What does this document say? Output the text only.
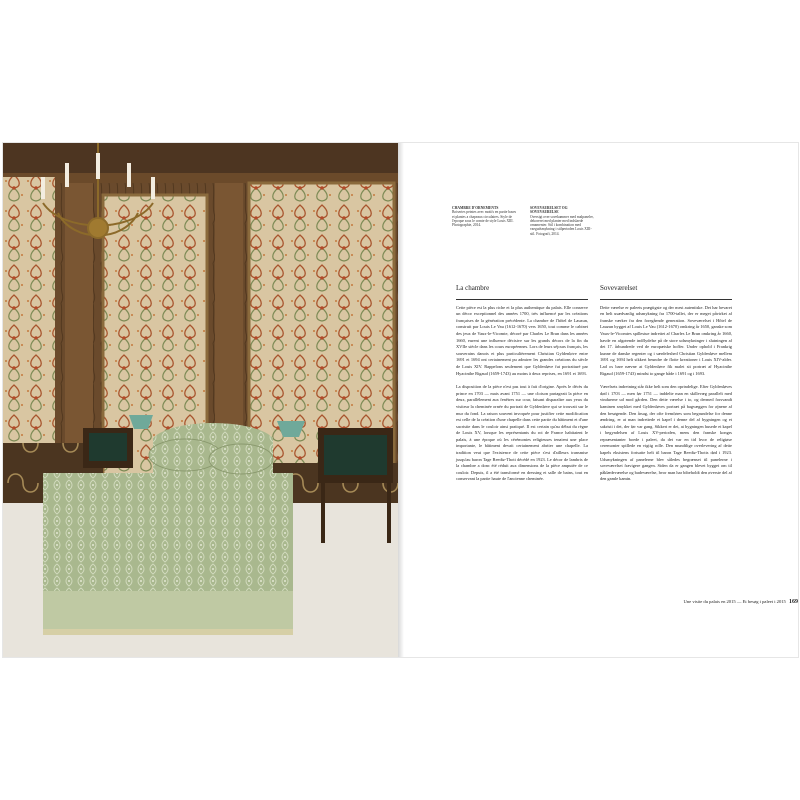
CHAMBRE D'ORNEMENTS
Boiseries peintes avec motifs en partie bases et plantes a chapeaux circulaires. Style de l'epoque sous le comte de style Louis XIII. Photographie, 2014.
SOVEVAERELSET OG SOVEVAERELSE
Oversigt over sovekammer med malpaneler, dekoreret med planter med indslaede ornamenter. Stil i kombination med vaegudsmykning i stilperioden Louis XIII-stil. Fotografi, 2014.
La chambre

Cette pièce est la plus riche et la plus authentique du palais. Elle conserve un décor exceptionnel des années 1700, très influencé par les créations françaises de la génération précédente. La chambre de l'hôtel de Lauzun, construit par Louis Le Vau (1612-1670) vers 1650, tout comme le cabinet des jeux de Vaux-le-Vicomte, décoré par Charles Le Brun dans les années 1660, eurent une influence décisive sur les grands décors de la fin du XVIIe siècle dans les cours européennes. Lors de leurs séjours français, les souverains danois et plus particulièrement Christian Gyldenløve entre 1691 et 1694 ont certainement pu admirer les grandes créations du siècle de Louis XIV. Rappelons seulement que Gyldenløve fut portraituré par Hyacinthe Rigaud (1659-1743) au moins à deux reprises, en 1691 et 1693.

La disposition de la pièce n'est pas tout à fait d'origine. Après le décès du prince en 1703 — mais avant 1751 — une cloison partageait la pièce en deux, parallèlement aux fenêtres sur cour, faisant disparaître aux yeux du visiteur la cheminée ornée du portrait de Gyldenløve qui se trouvait sur le mur du fond. La raison souvent invoquée pour justifier cette modification est celle de la création d'une chapelle dans cette partie du bâtiment et d'une sacristie dans le couloir ainsi pratiqué. Il est certain qu'au début du règne de Louis XV, lorsque les représentants du roi de France habitaient le palais, à une époque où les cérémonies religieuses tenaient une place importante, le bâtiment devait certainement abriter une chapelle. La tradition veut que l'existence de cette pièce s'est d'ailleurs transmise jusqu'au baron Tage Reedtz-Thott décédé en 1923. Le décor de lambris de la chambre a donc été réduit aux dimensions de la pièce amputée de ce couloir. Depuis, il a été transformé en dressing et salle de bains, tout en conservant la partie haute de l'ancienne cheminée.

Soveværelset

Dette værelse er paleets prægtigste og der mest autentiske. Det har bevaret en helt usædvanlig udsmykning fra 1700-tallet, der er meget påvirket af franske værker fra den foregående generation. Soveværelset i Hôtel de Lauzun bygget af Louis Le Vau (1612-1670) omkring år 1650, ganske som Vaux-le-Vicomtes spillestue indrettet af Charles Le Brun omkring år 1660, havde en afgørende indflydelse på de store udsmykninger i slutningen af det 17. århundrede ved de europæiske hoffer. Under ophold i Frankrig kunne de danske regenter og i særdeleshed Christian Gyldenløve mellem 1691 og 1694 helt sikkert beundre de flotte kreationer i Louis XIV-alder. Lad os bare nævne at Gyldenløve fik malet sit portræt af Hyacinthe Rigaud (1659-1743) mindst to gange både i 1691 og i 1693.

Værelsets indretning står ikke helt som den oprindelige. Efter Gyldenløves død i 1703 — men før 1751 — inddelte man en skillevæg parallelt med vinduerne ud mod gården. Den dette værelse i to, og dermed forsvandt kaminen smykket med Gyldenløves portræt på bagvæggen for øjnene af den besøgende. Den årsag, der ofte fremføres som begrundelse for denne ændring, er at man indrettede et kapel i denne del af bygningen og et sakristi i det, der før var gang. Sikkert er det, at bygningen husede et kapel i begyndelsen af Louis XV-perioden, mens den franske kongrs repræsentanter boede i paleet, da det var en tid hvor de religiøse ceremonier spillede en vigtig rolle. Den mundtlige overlevering af dette kapels eksistens fortsatte helt til baron Tage Reedtz-Thotts død i 1923. Udsmykningen af panelerne blev således begrænset til panelerne i soveværelset fravigere gangen. Siden da er gangen blevet bygget om til påklædeværelse og badeværelse, hvor man har bibeholdt den øverste del af den gamle kamin.

Une visite du palais en 2015 — Et besøg i paleet i 2015 169
